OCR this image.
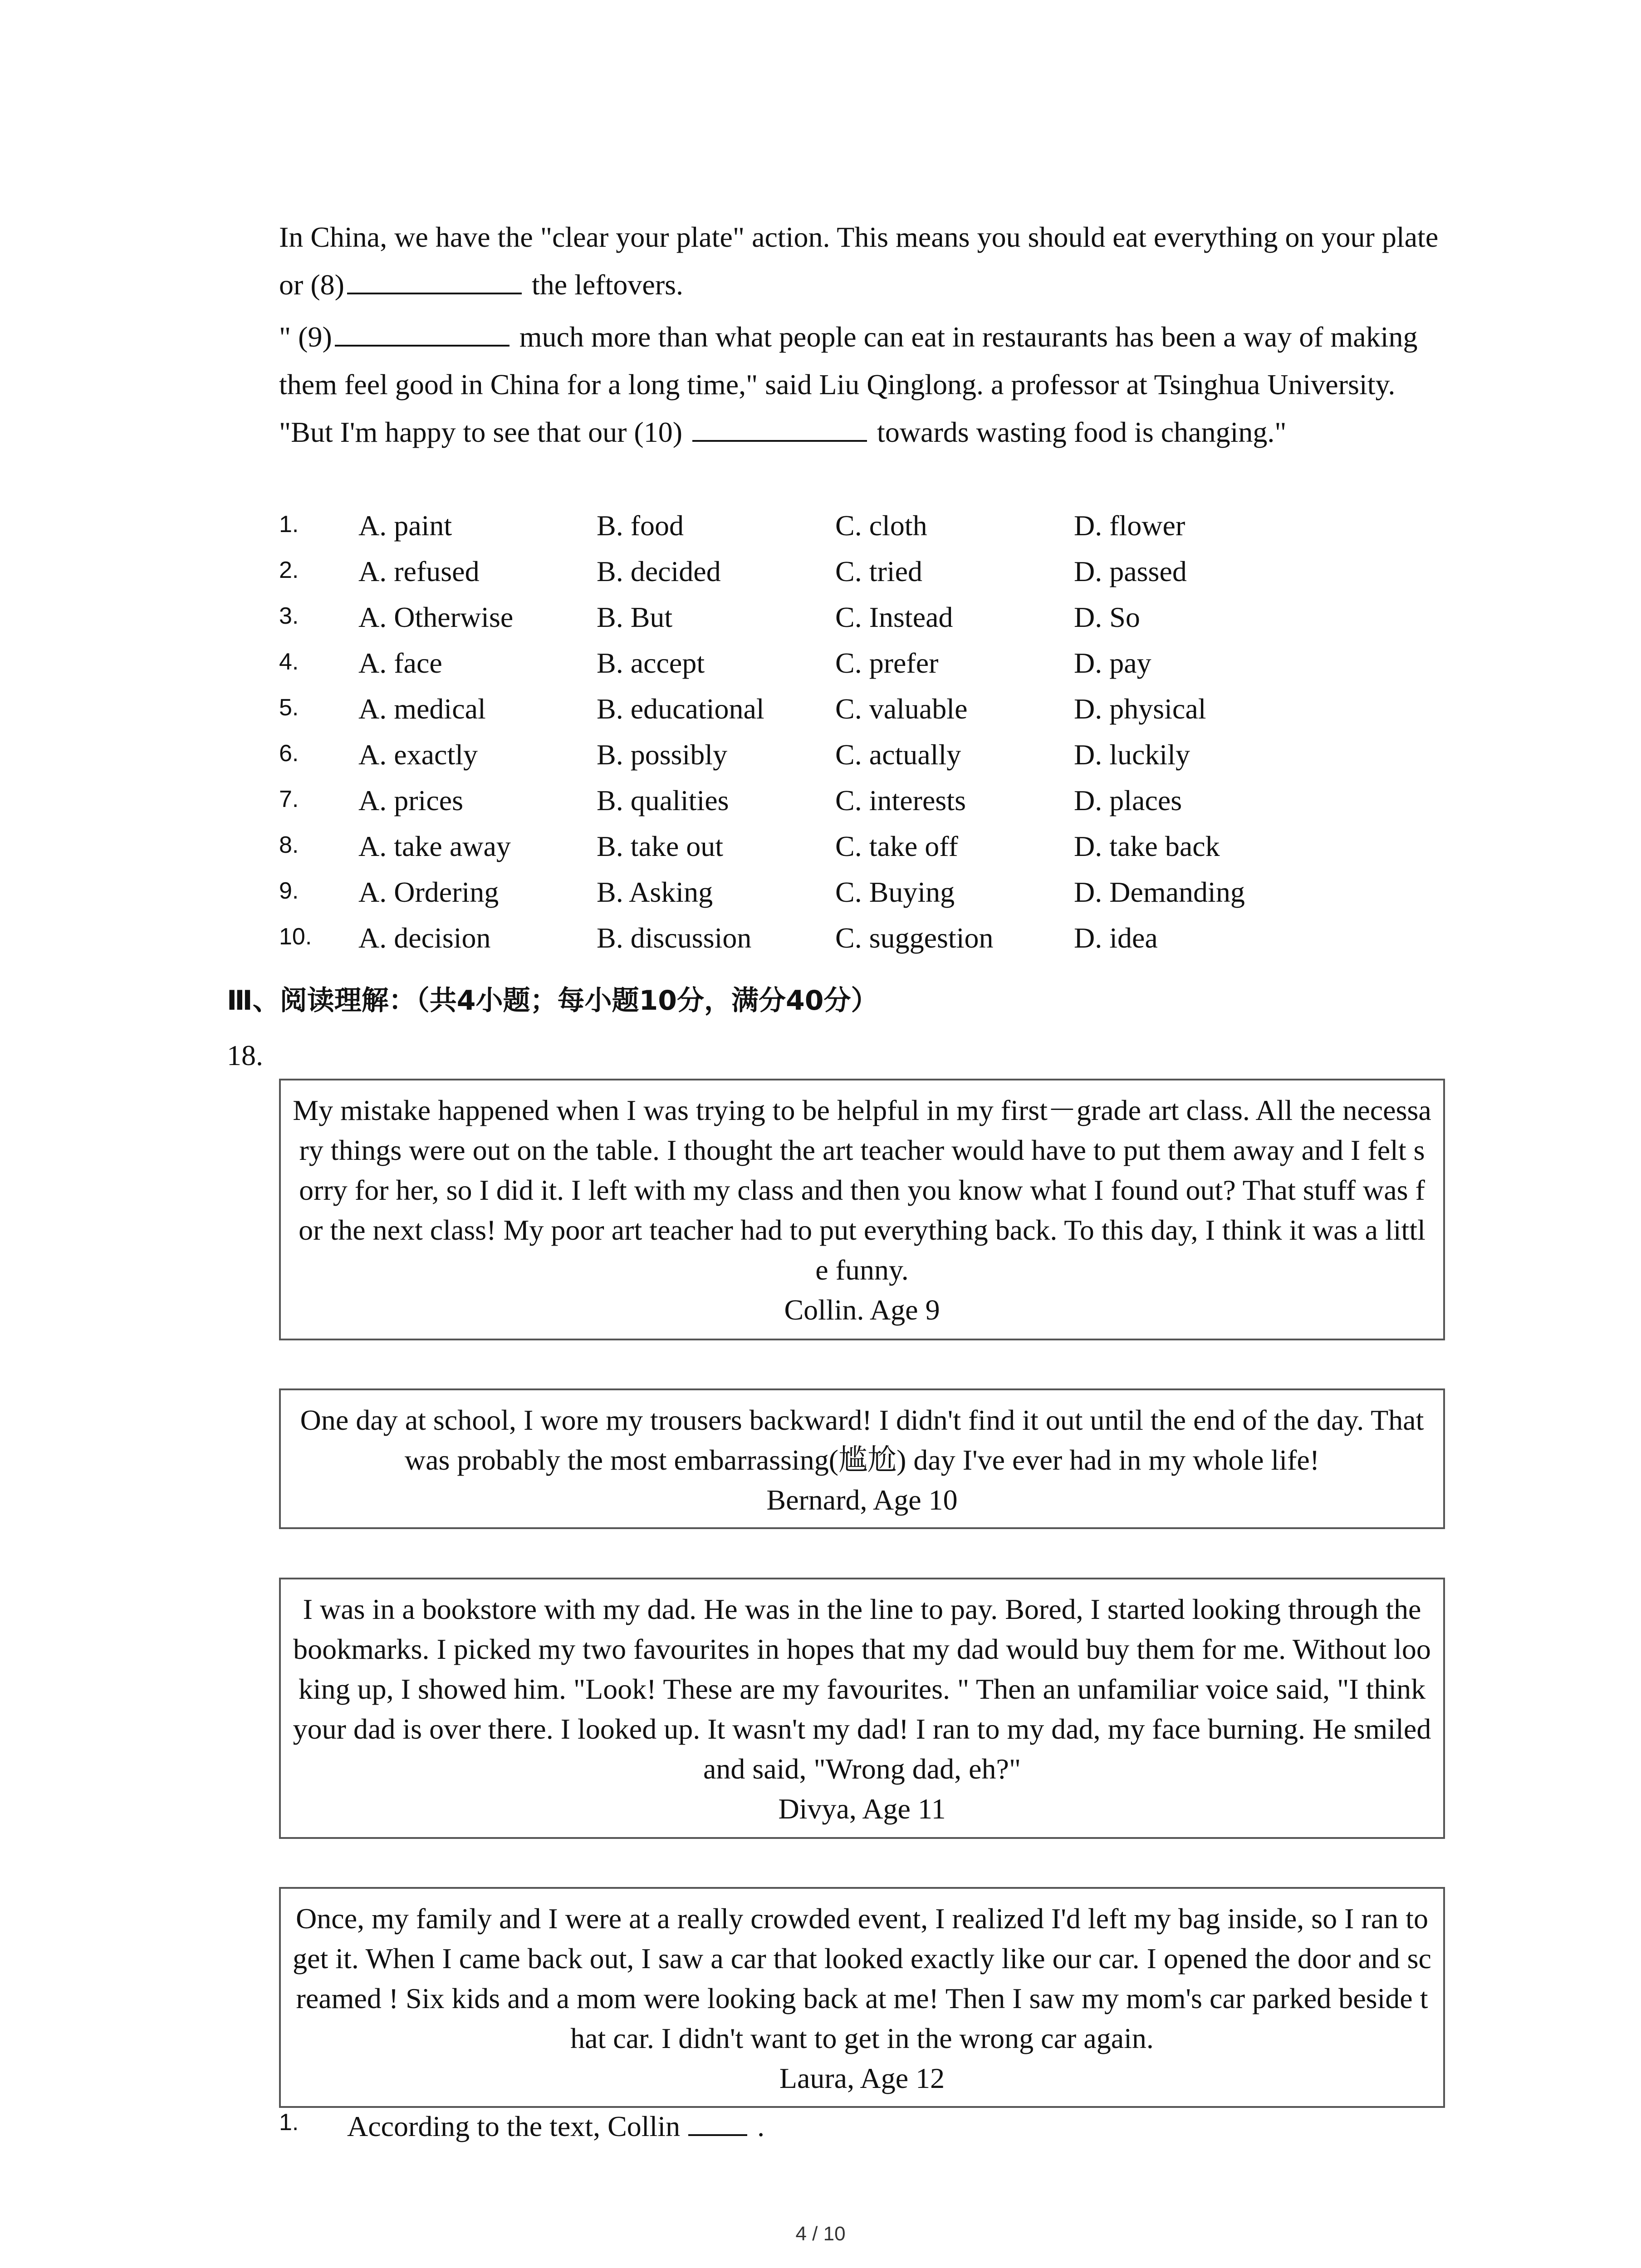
In China, we have the "clear your plate" action. This means you should eat everything on your plate or (8)	the leftovers.
" (9)	much more than what people can eat in restaurants has been a way of making them feel good in China for a long time," said Liu Qinglong. a professor at Tsinghua University. "But I'm happy to see that our (10)	towards wasting food is changing."
1.	A. paint	B. food	C. cloth	D. flower
2.	A. refused	B. decided	C. tried	D. passed
3.	A. Otherwise	B. But	C. Instead	D. So
4.	A. face	B. accept	C. prefer	D. pay
5.	A. medical	B. educational C. valuable	D. physical
6.	A. exactly	B. possibly	C. actually	D. luckily
7.	A. prices	B. qualities	C. interests	D. places
8.	A. take away	B. take out	C. take off	D. take back
9.	A. Ordering	B. Asking	C. Buying	D. Demanding
10.	A. decision	B. discussion	C. suggestion	D. idea
Ⅲ、阅读理解：（共4小题；每小题10分，满分40分）
18.
My mistake happened when I was trying to be helpful in my first－grade art class. All the necessary things were out on the table. I thought the art teacher would have to put them away and I felt sorry for her, so I did it. I left with my class and then you know what I found out? That stuff was for the next class! My poor art teacher had to put everything back. To this day, I think it was a little funny.
Collin. Age 9
One day at school, I wore my trousers backward! I didn't find it out until the end of the day. That was probably the most embarrassing(尴尬) day I've ever had in my whole life!
Bernard, Age 10
I was in a bookstore with my dad. He was in the line to pay. Bored, I started looking through the bookmarks. I picked my two favourites in hopes that my dad would buy them for me. Without looking up, I showed him. "Look! These are my favourites. " Then an unfamiliar voice said, "I think your dad is over there. I looked up. It wasn't my dad! I ran to my dad, my face burning. He smiled and said, "Wrong dad, eh?"
Divya, Age 11
Once, my family and I were at a really crowded event, I realized I'd left my bag inside, so I ran to get it. When I came back out, I saw a car that looked exactly like our car. I opened the door and screamed ! Six kids and a mom were looking back at me! Then I saw my mom's car parked beside that car. I didn't want to get in the wrong car again.
Laura, Age 12
1. According to the text, Collin .
4 / 10
